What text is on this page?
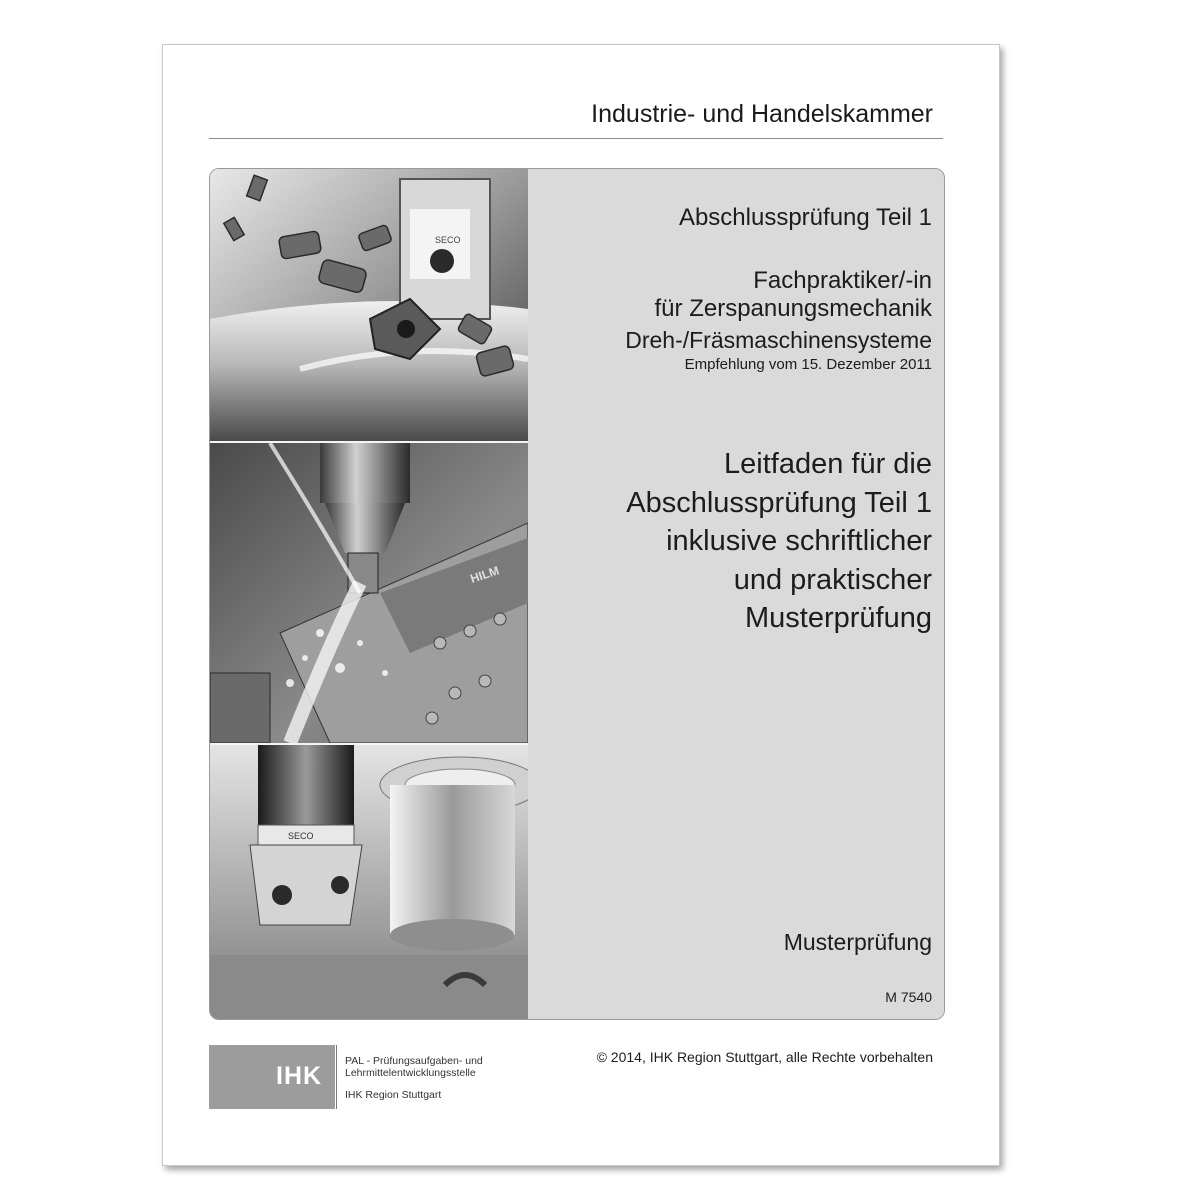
Industrie- und Handelskammer
SECO
HILM
SECO
Abschlussprüfung Teil 1
Fachpraktiker/-in
für Zerspanungsmechanik
Dreh-/Fräsmaschinensysteme
Empfehlung vom 15. Dezember 2011
Leitfaden für die
Abschlussprüfung Teil 1
inklusive schriftlicher
und praktischer
Musterprüfung
Musterprüfung
M 7540
IHK
PAL - Prüfungsaufgaben- und
Lehrmittelentwicklungsstelle
IHK Region Stuttgart
© 2014, IHK Region Stuttgart, alle Rechte vorbehalten
